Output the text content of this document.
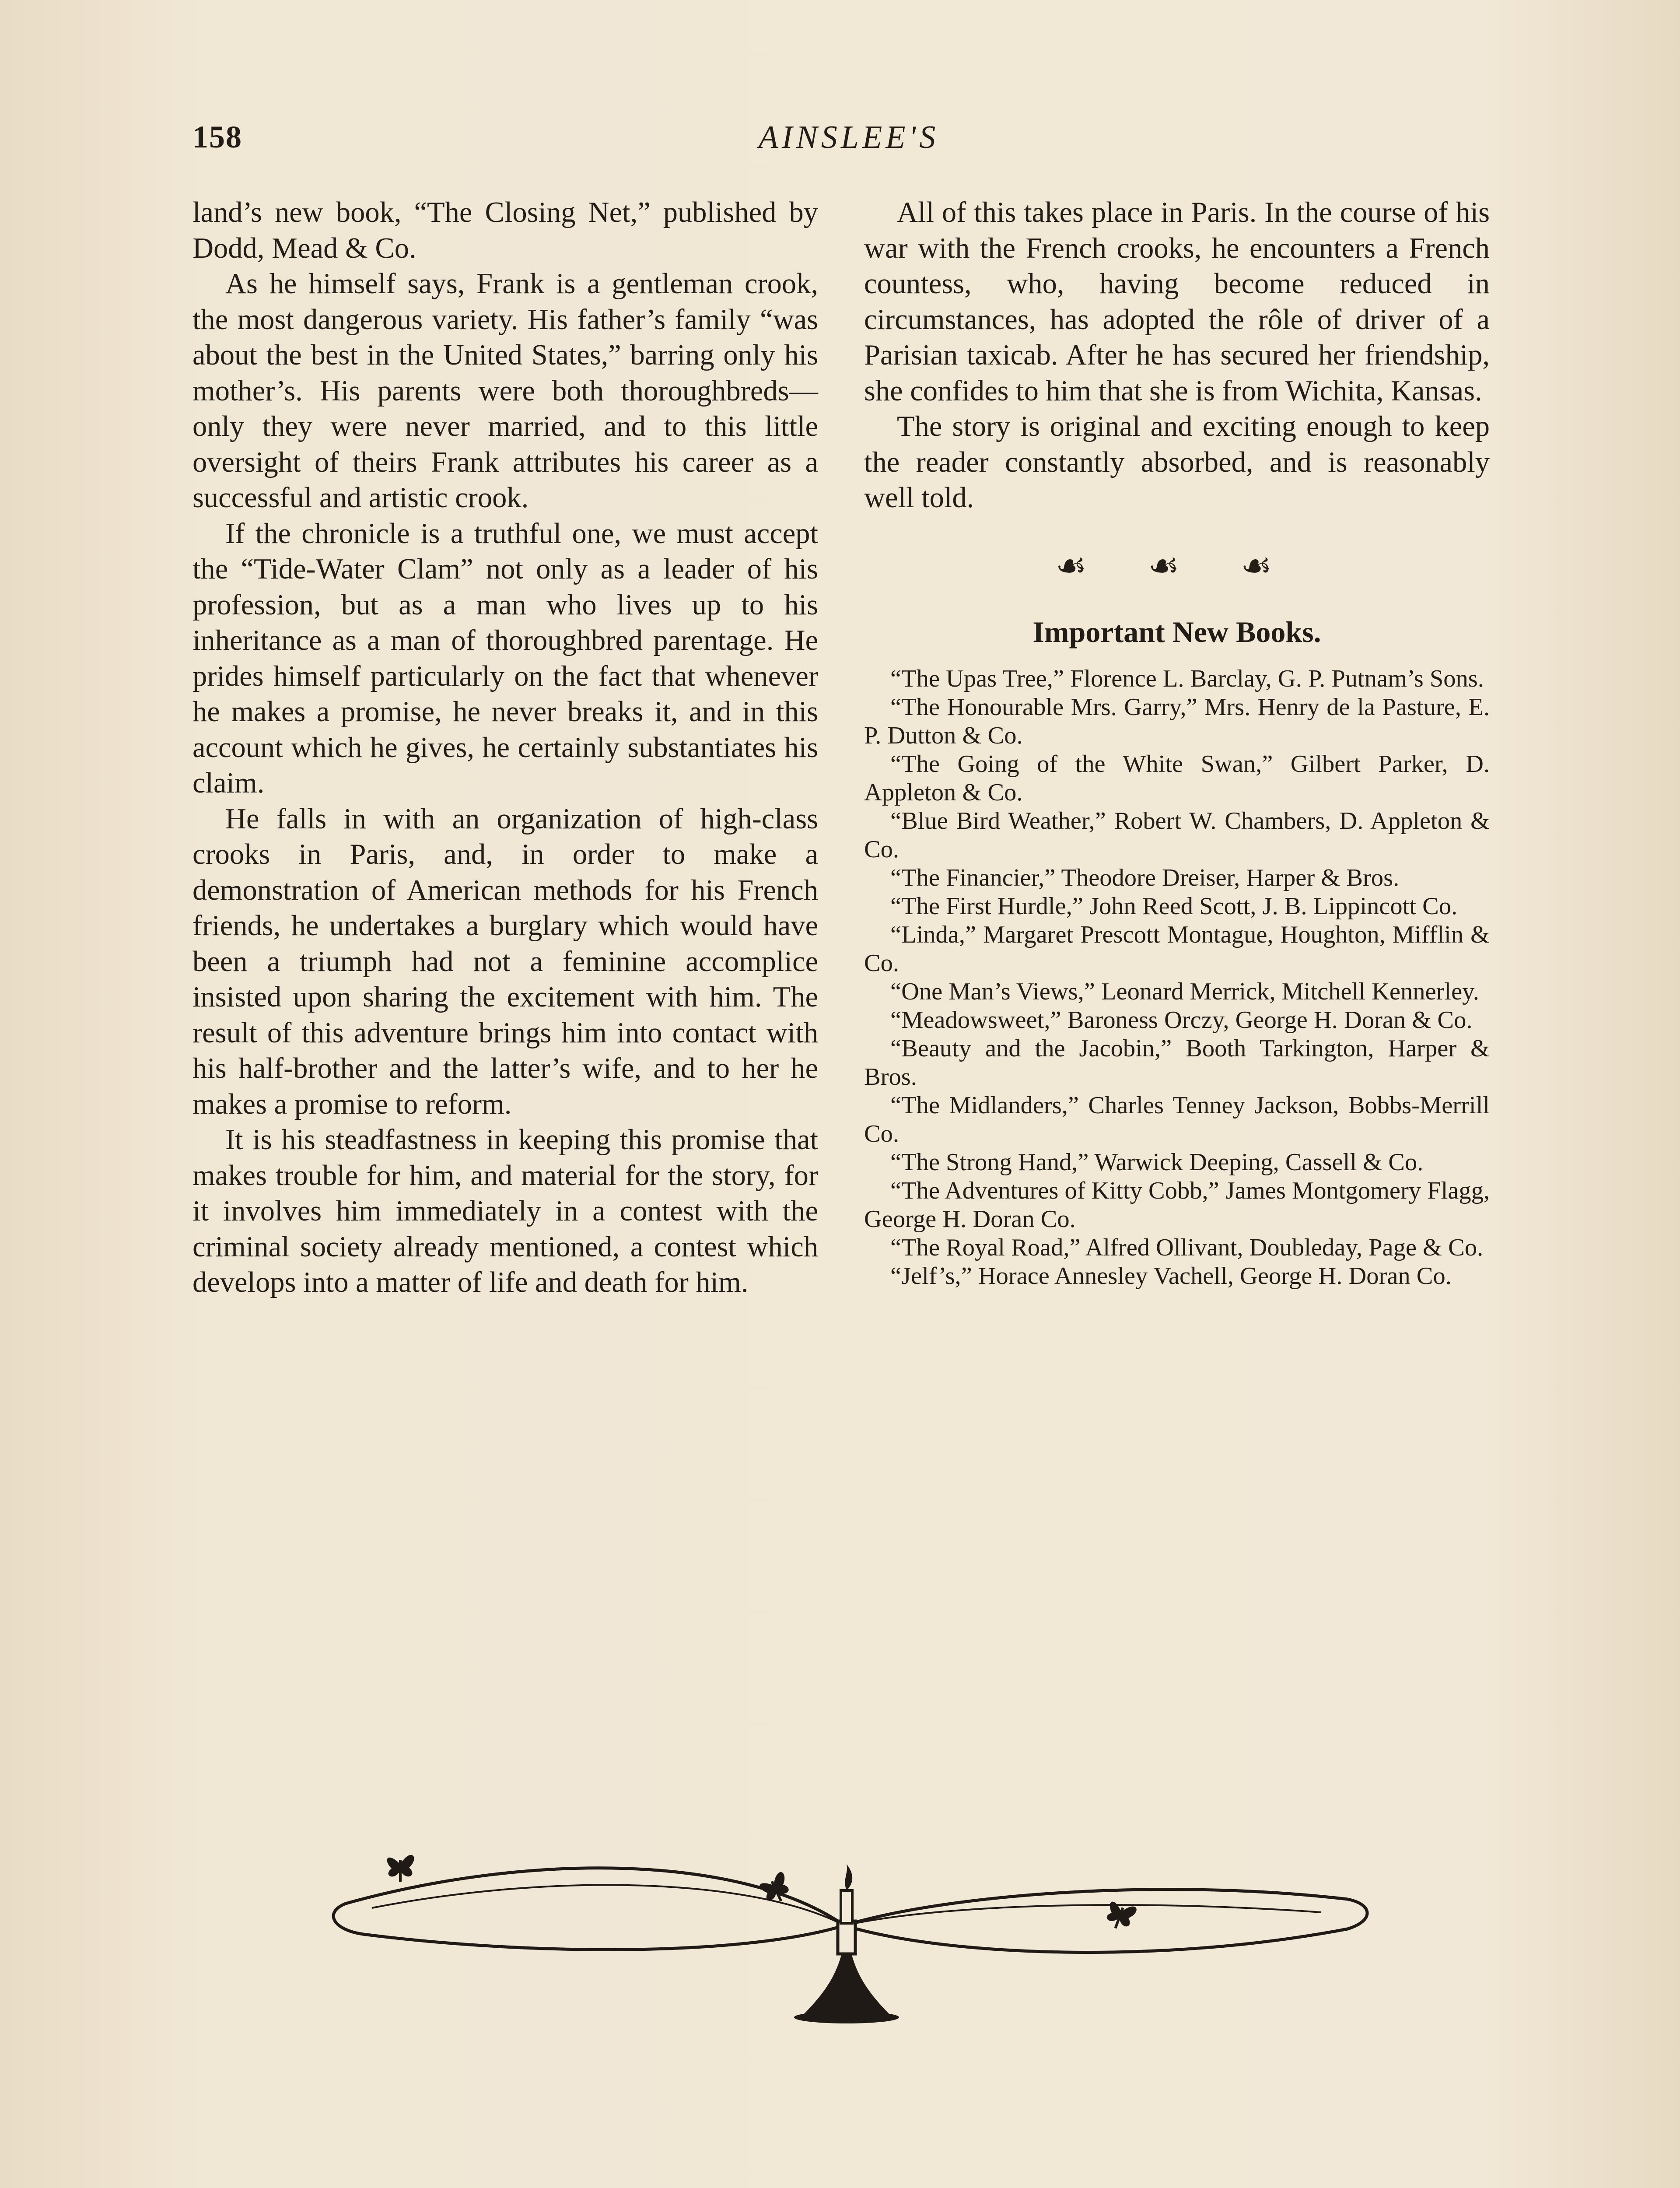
158	AINSLEE'S

land’s new book, “The Closing Net,” published by Dodd, Mead & Co.

As he himself says, Frank is a gentleman crook, the most dangerous variety. His father’s family “was about the best in the United States,” barring only his mother’s. His parents were both thoroughbreds—only they were never married, and to this little oversight of theirs Frank attributes his career as a successful and artistic crook.

If the chronicle is a truthful one, we must accept the “Tide-Water Clam” not only as a leader of his profession, but as a man who lives up to his inheritance as a man of thoroughbred parentage. He prides himself particularly on the fact that whenever he makes a promise, he never breaks it, and in this account which he gives, he certainly substantiates his claim.

He falls in with an organization of high-class crooks in Paris, and, in order to make a demonstration of American methods for his French friends, he undertakes a burglary which would have been a triumph had not a feminine accomplice insisted upon sharing the excitement with him. The result of this adventure brings him into contact with his half-brother and the latter’s wife, and to her he makes a promise to reform.

It is his steadfastness in keeping this promise that makes trouble for him, and material for the story, for it involves him immediately in a contest with the criminal society already mentioned, a contest which develops into a matter of life and death for him.

All of this takes place in Paris. In the course of his war with the French crooks, he encounters a French countess, who, having become reduced in circumstances, has adopted the rôle of driver of a Parisian taxicab. After he has secured her friendship, she confides to him that she is from Wichita, Kansas.

The story is original and exciting enough to keep the reader constantly absorbed, and is reasonably well told.

☙ ☙ ☙
Important New Books.

“The Upas Tree,” Florence L. Barclay, G. P. Putnam’s Sons.

“The Honourable Mrs. Garry,” Mrs. Henry de la Pasture, E. P. Dutton & Co.

“The Going of the White Swan,” Gilbert Parker, D. Appleton & Co.

“Blue Bird Weather,” Robert W. Chambers, D. Appleton & Co.

“The Financier,” Theodore Dreiser, Harper & Bros.

“The First Hurdle,” John Reed Scott, J. B. Lippincott Co.

“Linda,” Margaret Prescott Montague, Houghton, Mifflin & Co.

“One Man’s Views,” Leonard Merrick, Mitchell Kennerley.

“Meadowsweet,” Baroness Orczy, George H. Doran & Co.

“Beauty and the Jacobin,” Booth Tarkington, Harper & Bros.

“The Midlanders,” Charles Tenney Jackson, Bobbs-Merrill Co.

“The Strong Hand,” Warwick Deeping, Cassell & Co.

“The Adventures of Kitty Cobb,” James Montgomery Flagg, George H. Doran Co.

“The Royal Road,” Alfred Ollivant, Doubleday, Page & Co.

“Jelf’s,” Horace Annesley Vachell, George H. Doran Co.
